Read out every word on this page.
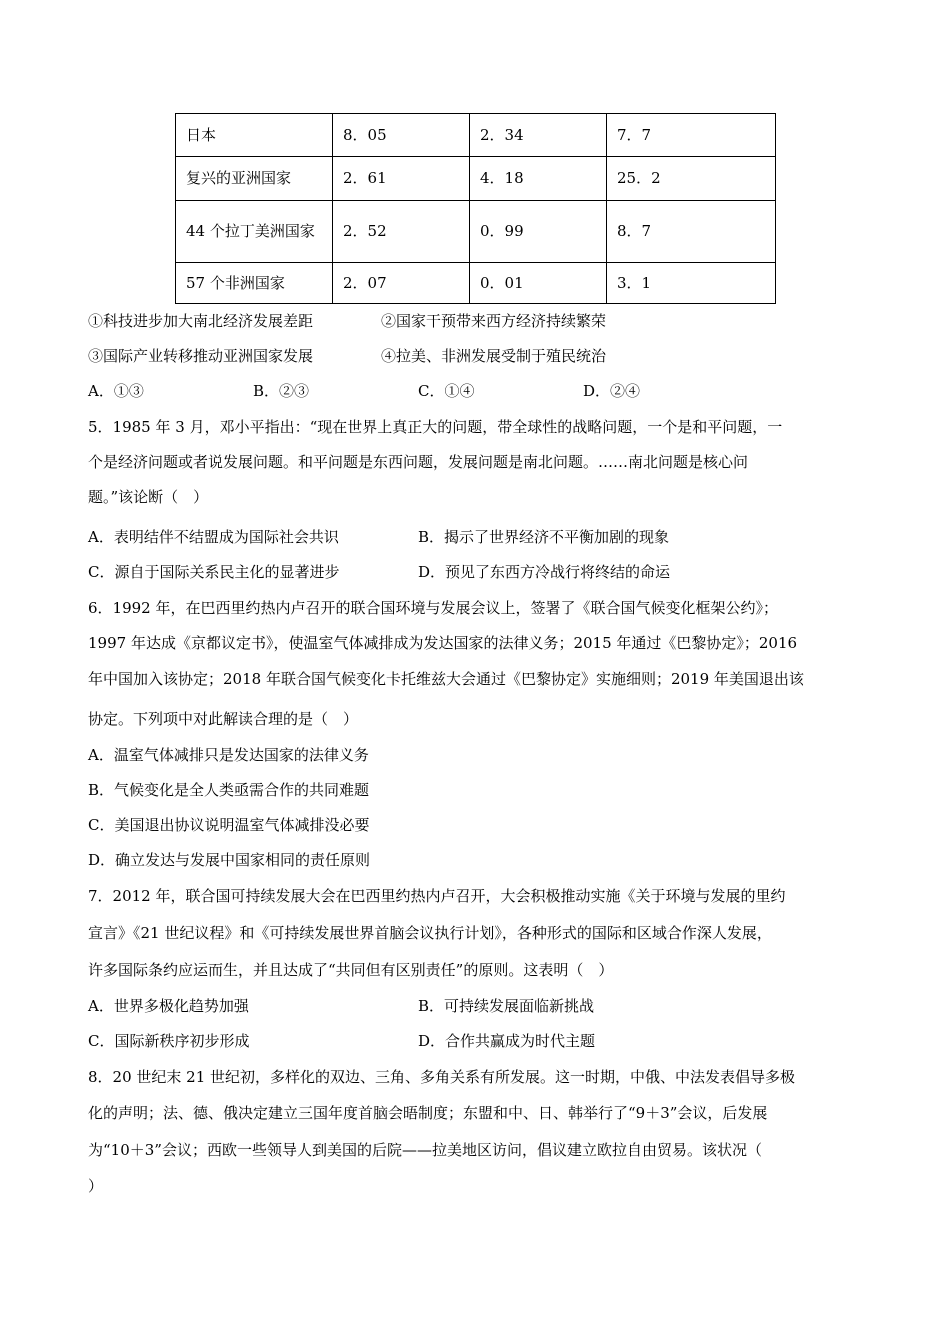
日本	8．05	2．34	7．7
复兴的亚洲国家	2．61	4．18	25．2
44 个拉丁美洲国家	2．52	0．99	8．7
57 个非洲国家	2．07	0．01	3．1
①科技进步加大南北经济发展差距	②国家干预带来西方经济持续繁荣
③国际产业转移推动亚洲国家发展	④拉美、非洲发展受制于殖民统治
A．①③	B．②③	C．①④	D．②④
5．1985 年 3 月，邓小平指出：“现在世界上真正大的问题，带全球性的战略问题，一个是和平问题，一
个是经济问题或者说发展问题。和平问题是东西问题，发展问题是南北问题。……南北问题是核心问
题。”该论断（　）
A．表明结伴不结盟成为国际社会共识	B．揭示了世界经济不平衡加剧的现象
C．源自于国际关系民主化的显著进步	D．预见了东西方冷战行将终结的命运
6．1992 年，在巴西里约热内卢召开的联合国环境与发展会议上，签署了《联合国气候变化框架公约》；
1997 年达成《京都议定书》，使温室气体减排成为发达国家的法律义务；2015 年通过《巴黎协定》；2016
年中国加入该协定；2018 年联合国气候变化卡托维兹大会通过《巴黎协定》实施细则；2019 年美国退出该
协定。下列项中对此解读合理的是（　）
A．温室气体减排只是发达国家的法律义务
B．气候变化是全人类亟需合作的共同难题
C．美国退出协议说明温室气体减排没必要
D．确立发达与发展中国家相同的责任原则
7．2012 年，联合国可持续发展大会在巴西里约热内卢召开，大会积极推动实施《关于环境与发展的里约
宣言》《21 世纪议程》和《可持续发展世界首脑会议执行计划》，各种形式的国际和区域合作深人发展，
许多国际条约应运而生，并且达成了“共同但有区别责任”的原则。这表明（　）
A．世界多极化趋势加强	B．可持续发展面临新挑战
C．国际新秩序初步形成	D．合作共赢成为时代主题
8．20 世纪末 21 世纪初，多样化的双边、三角、多角关系有所发展。这一时期，中俄、中法发表倡导多极
化的声明；法、德、俄决定建立三国年度首脑会晤制度；东盟和中、日、韩举行了“9＋3”会议，后发展
为“10＋3”会议；西欧一些领导人到美国的后院——拉美地区访问，倡议建立欧拉自由贸易。该状况（
）
